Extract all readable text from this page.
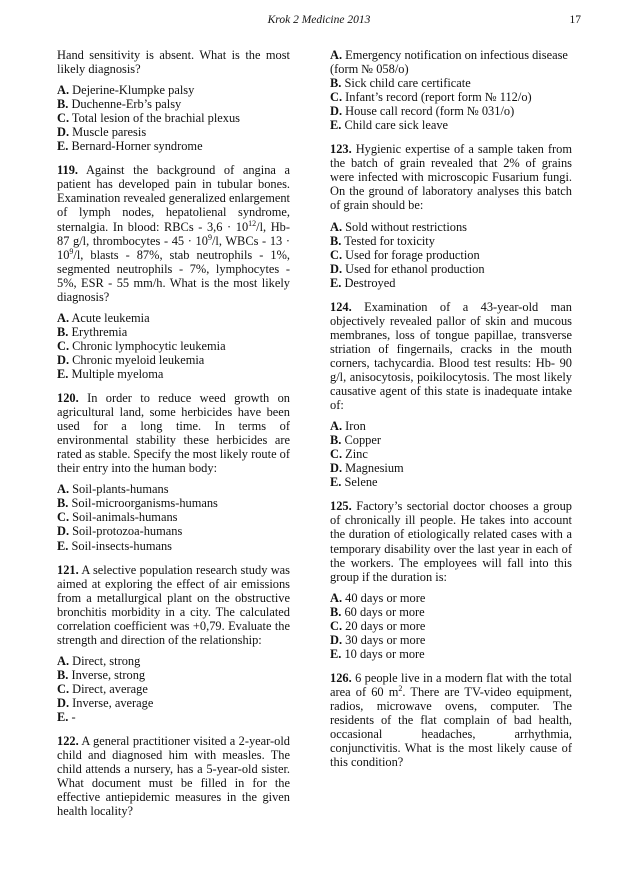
Krok 2 Medicine 2013	17

Hand sensitivity is absent. What is the most likely diagnosis?

A. Dejerine-Klumpke palsy
B. Duchenne-Erb’s palsy
C. Total lesion of the brachial plexus
D. Muscle paresis
E. Bernard-Horner syndrome

119. Against the background of angina a patient has developed pain in tubular bones. Examination revealed generalized enlargement of lymph nodes, hepatolienal syndrome, sternalgia. In blood: RBCs - $3,6 \cdot 10^{12}/l$, Hb- 87 g/l, thrombocytes - $45 \cdot 10^9/l$, WBCs - $13 \cdot 10^9/l$, blasts - 87%, stab neutrophils - 1%, segmented neutrophils - 7%, lymphocytes - 5%, ESR - 55 mm/h. What is the most likely diagnosis?

A. Acute leukemia
B. Erythremia
C. Chronic lymphocytic leukemia
D. Chronic myeloid leukemia
E. Multiple myeloma

120. In order to reduce weed growth on agricultural land, some herbicides have been used for a long time. In terms of environmental stability these herbicides are rated as stable. Specify the most likely route of their entry into the human body:

A. Soil-plants-humans
B. Soil-microorganisms-humans
C. Soil-animals-humans
D. Soil-protozoa-humans
E. Soil-insects-humans

121. A selective population research study was aimed at exploring the effect of air emissions from a metallurgical plant on the obstructive bronchitis morbidity in a city. The calculated correlation coefficient was +0,79. Evaluate the strength and direction of the relationship:

A. Direct, strong
B. Inverse, strong
C. Direct, average
D. Inverse, average
E. -

122. A general practitioner visited a 2-year-old child and diagnosed him with measles. The child attends a nursery, has a 5-year-old sister. What document must be filled in for the effective antiepidemic measures in the given health locality?

A. Emergency notification on infectious disease (form № 058/o)
B. Sick child care certificate
C. Infant’s record (report form № 112/o)
D. House call record (form № 031/o)
E. Child care sick leave

123. Hygienic expertise of a sample taken from the batch of grain revealed that 2% of grains were infected with microscopic Fusarium fungi. On the ground of laboratory analyses this batch of grain should be:

A. Sold without restrictions
B. Tested for toxicity
C. Used for forage production
D. Used for ethanol production
E. Destroyed

124. Examination of a 43-year-old man objectively revealed pallor of skin and mucous membranes, loss of tongue papillae, transverse striation of fingernails, cracks in the mouth corners, tachycardia. Blood test results: Hb- 90 g/l, anisocytosis, poikilocytosis. The most likely causative agent of this state is inadequate intake of:

A. Iron
B. Copper
C. Zinc
D. Magnesium
E. Selene

125. Factory’s sectorial doctor chooses a group of chronically ill people. He takes into account the duration of etiologically related cases with a temporary disability over the last year in each of the workers. The employees will fall into this group if the duration is:

A. 40 days or more
B. 60 days or more
C. 20 days or more
D. 30 days or more
E. 10 days or more

126. 6 people live in a modern flat with the total area of 60 $m^2$. There are TV-video equipment, radios, microwave ovens, computer. The residents of the flat complain of bad health, occasional headaches, arrhythmia, conjunctivitis. What is the most likely cause of this condition?
